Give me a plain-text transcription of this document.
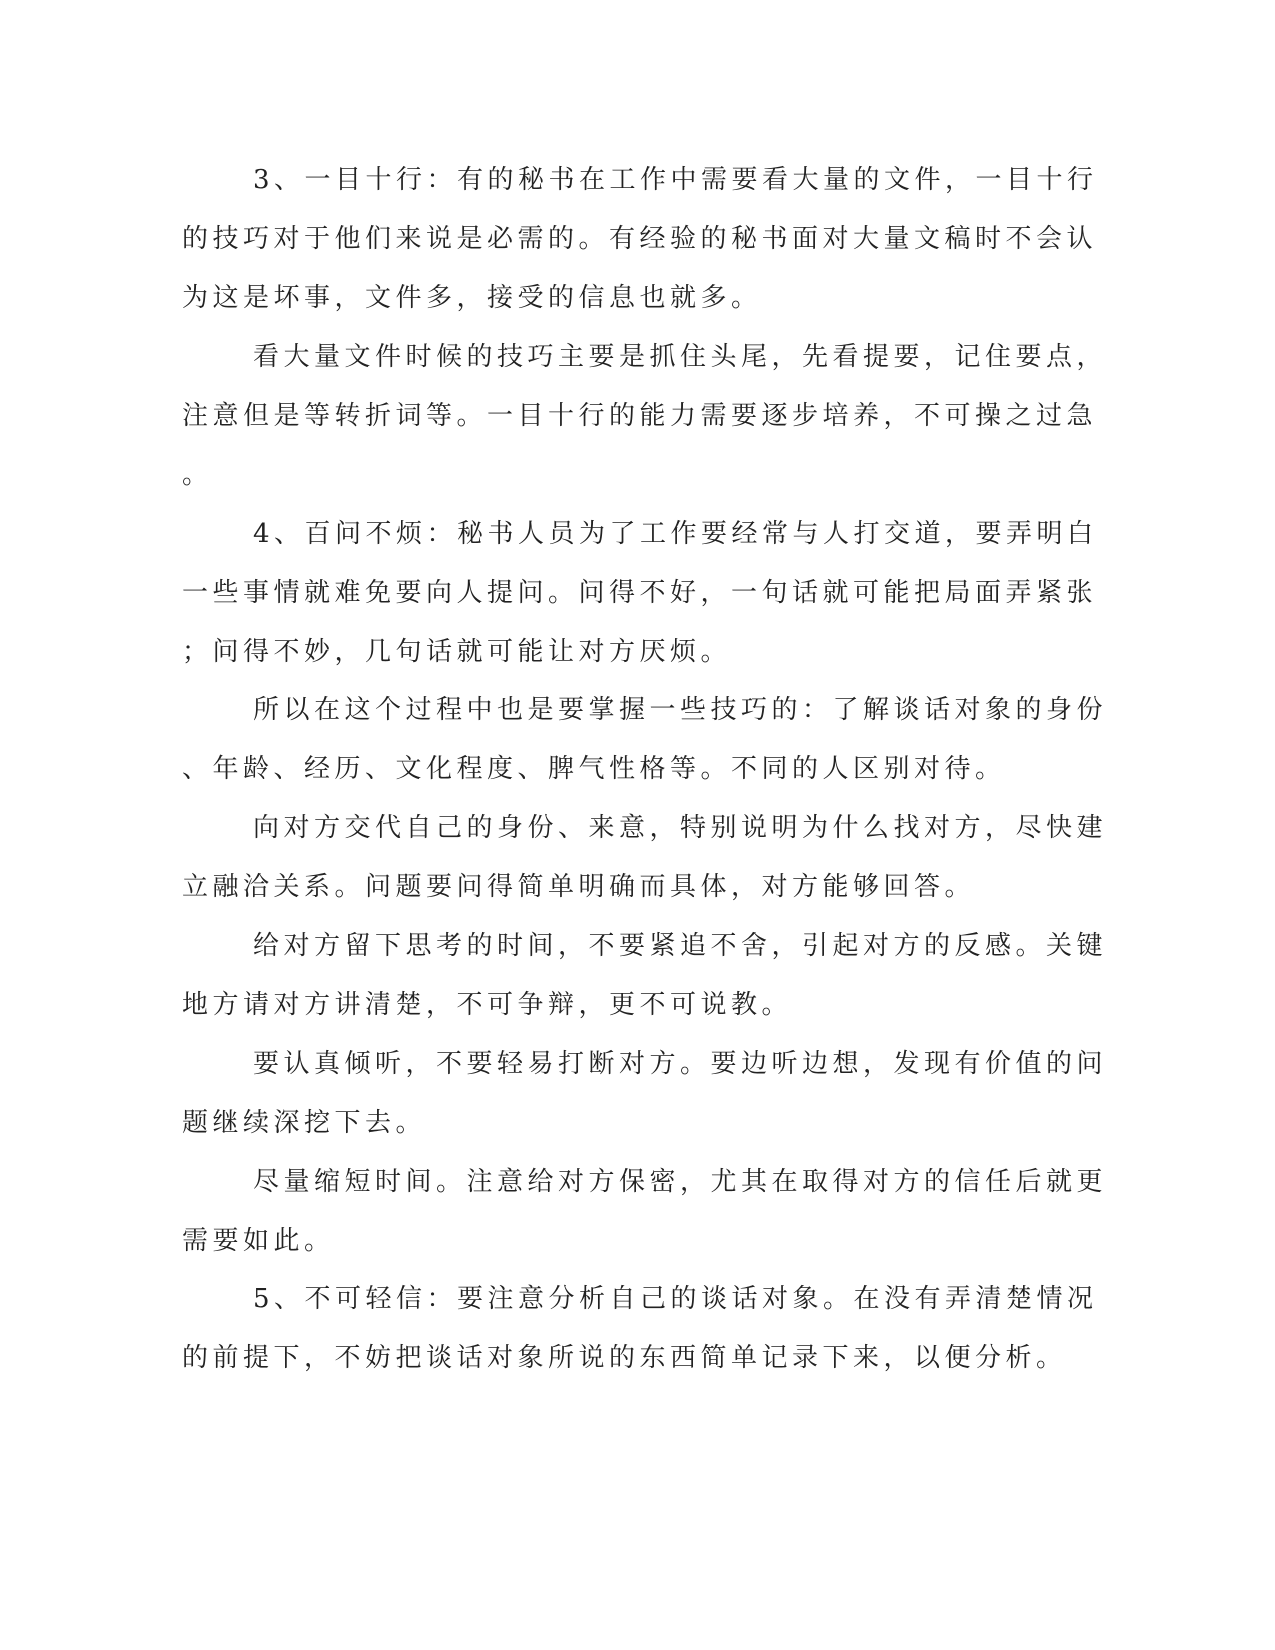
3、一目十行：有的秘书在工作中需要看大量的文件，一目十行

的技巧对于他们来说是必需的。有经验的秘书面对大量文稿时不会认

为这是坏事，文件多，接受的信息也就多。

看大量文件时候的技巧主要是抓住头尾，先看提要，记住要点，

注意但是等转折词等。一目十行的能力需要逐步培养，不可操之过急

。

4、百问不烦：秘书人员为了工作要经常与人打交道，要弄明白

一些事情就难免要向人提问。问得不好，一句话就可能把局面弄紧张

；问得不妙，几句话就可能让对方厌烦。

所以在这个过程中也是要掌握一些技巧的：了解谈话对象的身份

、年龄、经历、文化程度、脾气性格等。不同的人区别对待。

向对方交代自己的身份、来意，特别说明为什么找对方，尽快建

立融洽关系。问题要问得简单明确而具体，对方能够回答。

给对方留下思考的时间，不要紧追不舍，引起对方的反感。关键

地方请对方讲清楚，不可争辩，更不可说教。

要认真倾听，不要轻易打断对方。要边听边想，发现有价值的问

题继续深挖下去。

尽量缩短时间。注意给对方保密，尤其在取得对方的信任后就更

需要如此。

5、不可轻信：要注意分析自己的谈话对象。在没有弄清楚情况

的前提下，不妨把谈话对象所说的东西简单记录下来，以便分析。
